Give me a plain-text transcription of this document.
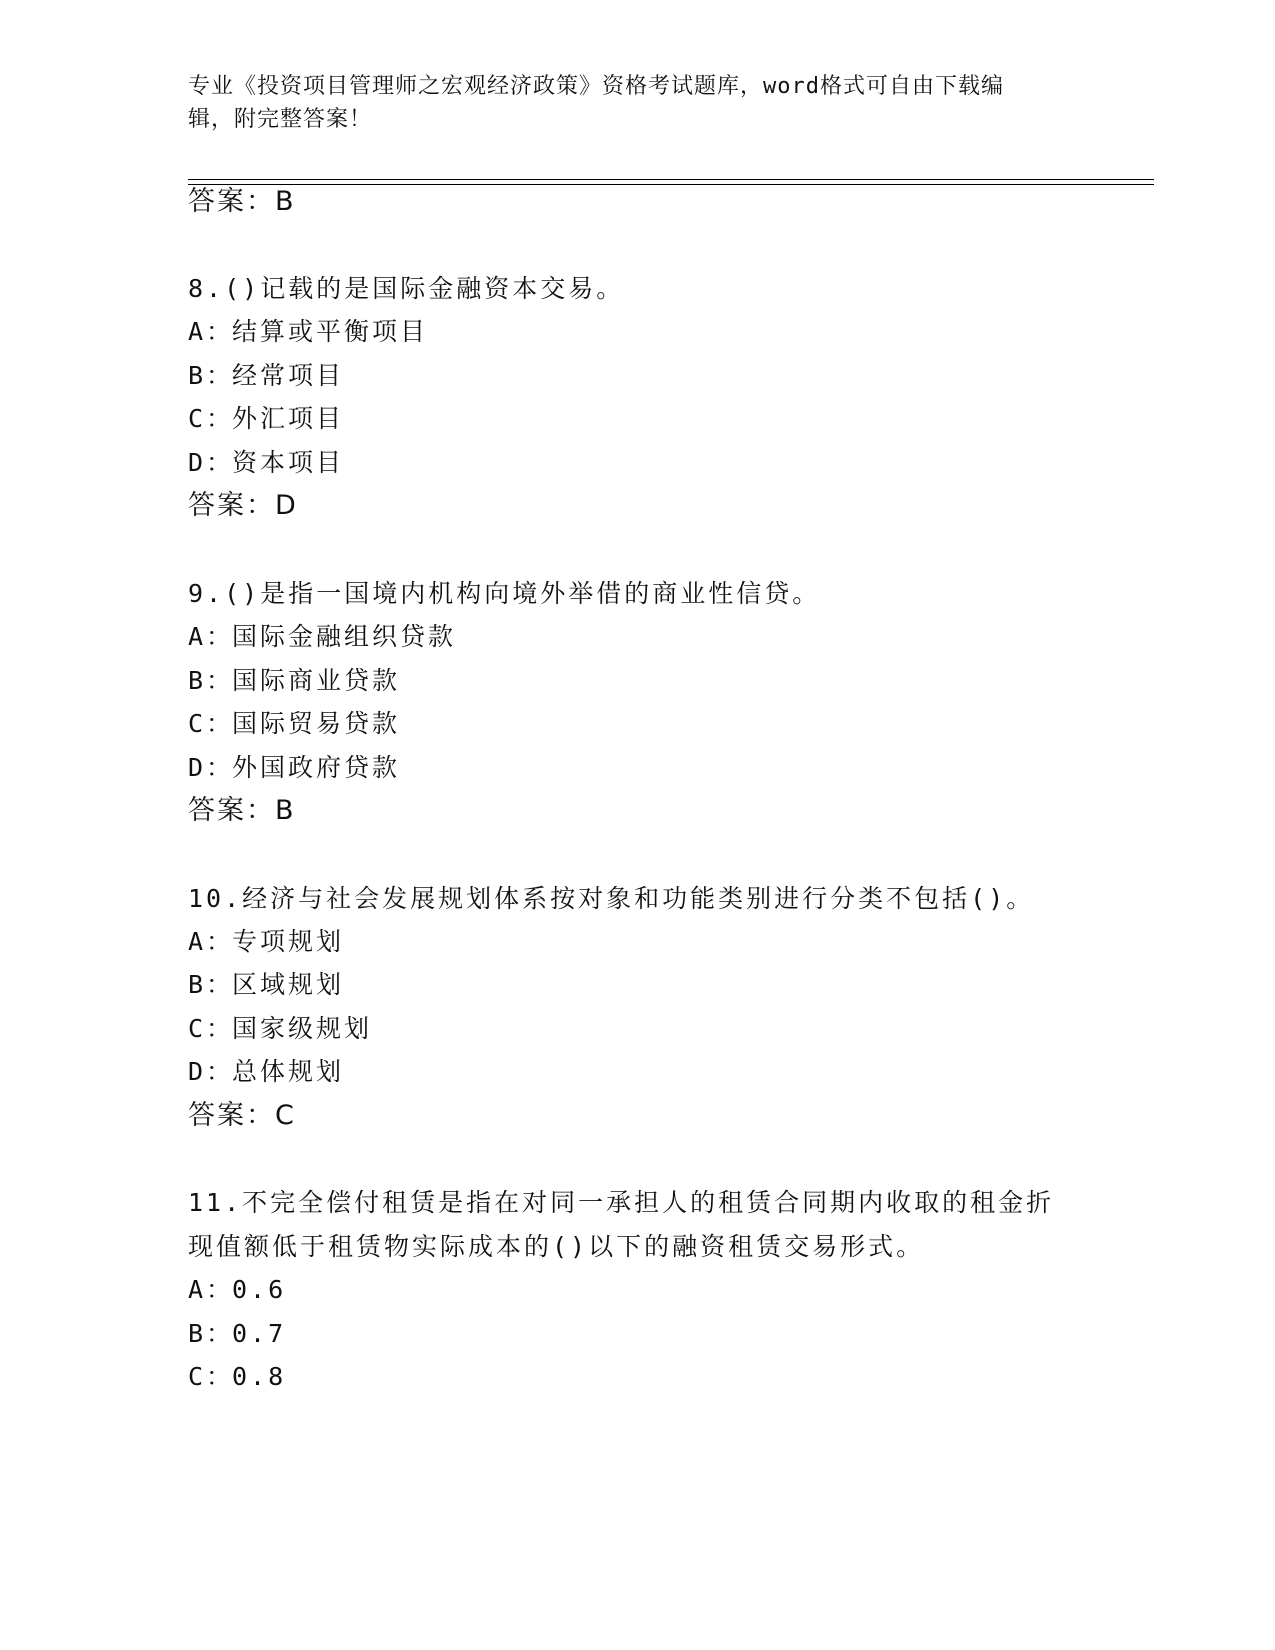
专业《投资项目管理师之宏观经济政策》资格考试题库，word格式可自由下载编
辑，附完整答案！
答案：B
8.()记载的是国际金融资本交易。
A：结算或平衡项目
B：经常项目
C：外汇项目
D：资本项目
答案：D
9.()是指一国境内机构向境外举借的商业性信贷。
A：国际金融组织贷款
B：国际商业贷款
C：国际贸易贷款
D：外国政府贷款
答案：B
10.经济与社会发展规划体系按对象和功能类别进行分类不包括()。
A：专项规划
B：区域规划
C：国家级规划
D：总体规划
答案：C
11.不完全偿付租赁是指在对同一承担人的租赁合同期内收取的租金折
现值额低于租赁物实际成本的()以下的融资租赁交易形式。
A：0.6
B：0.7
C：0.8
